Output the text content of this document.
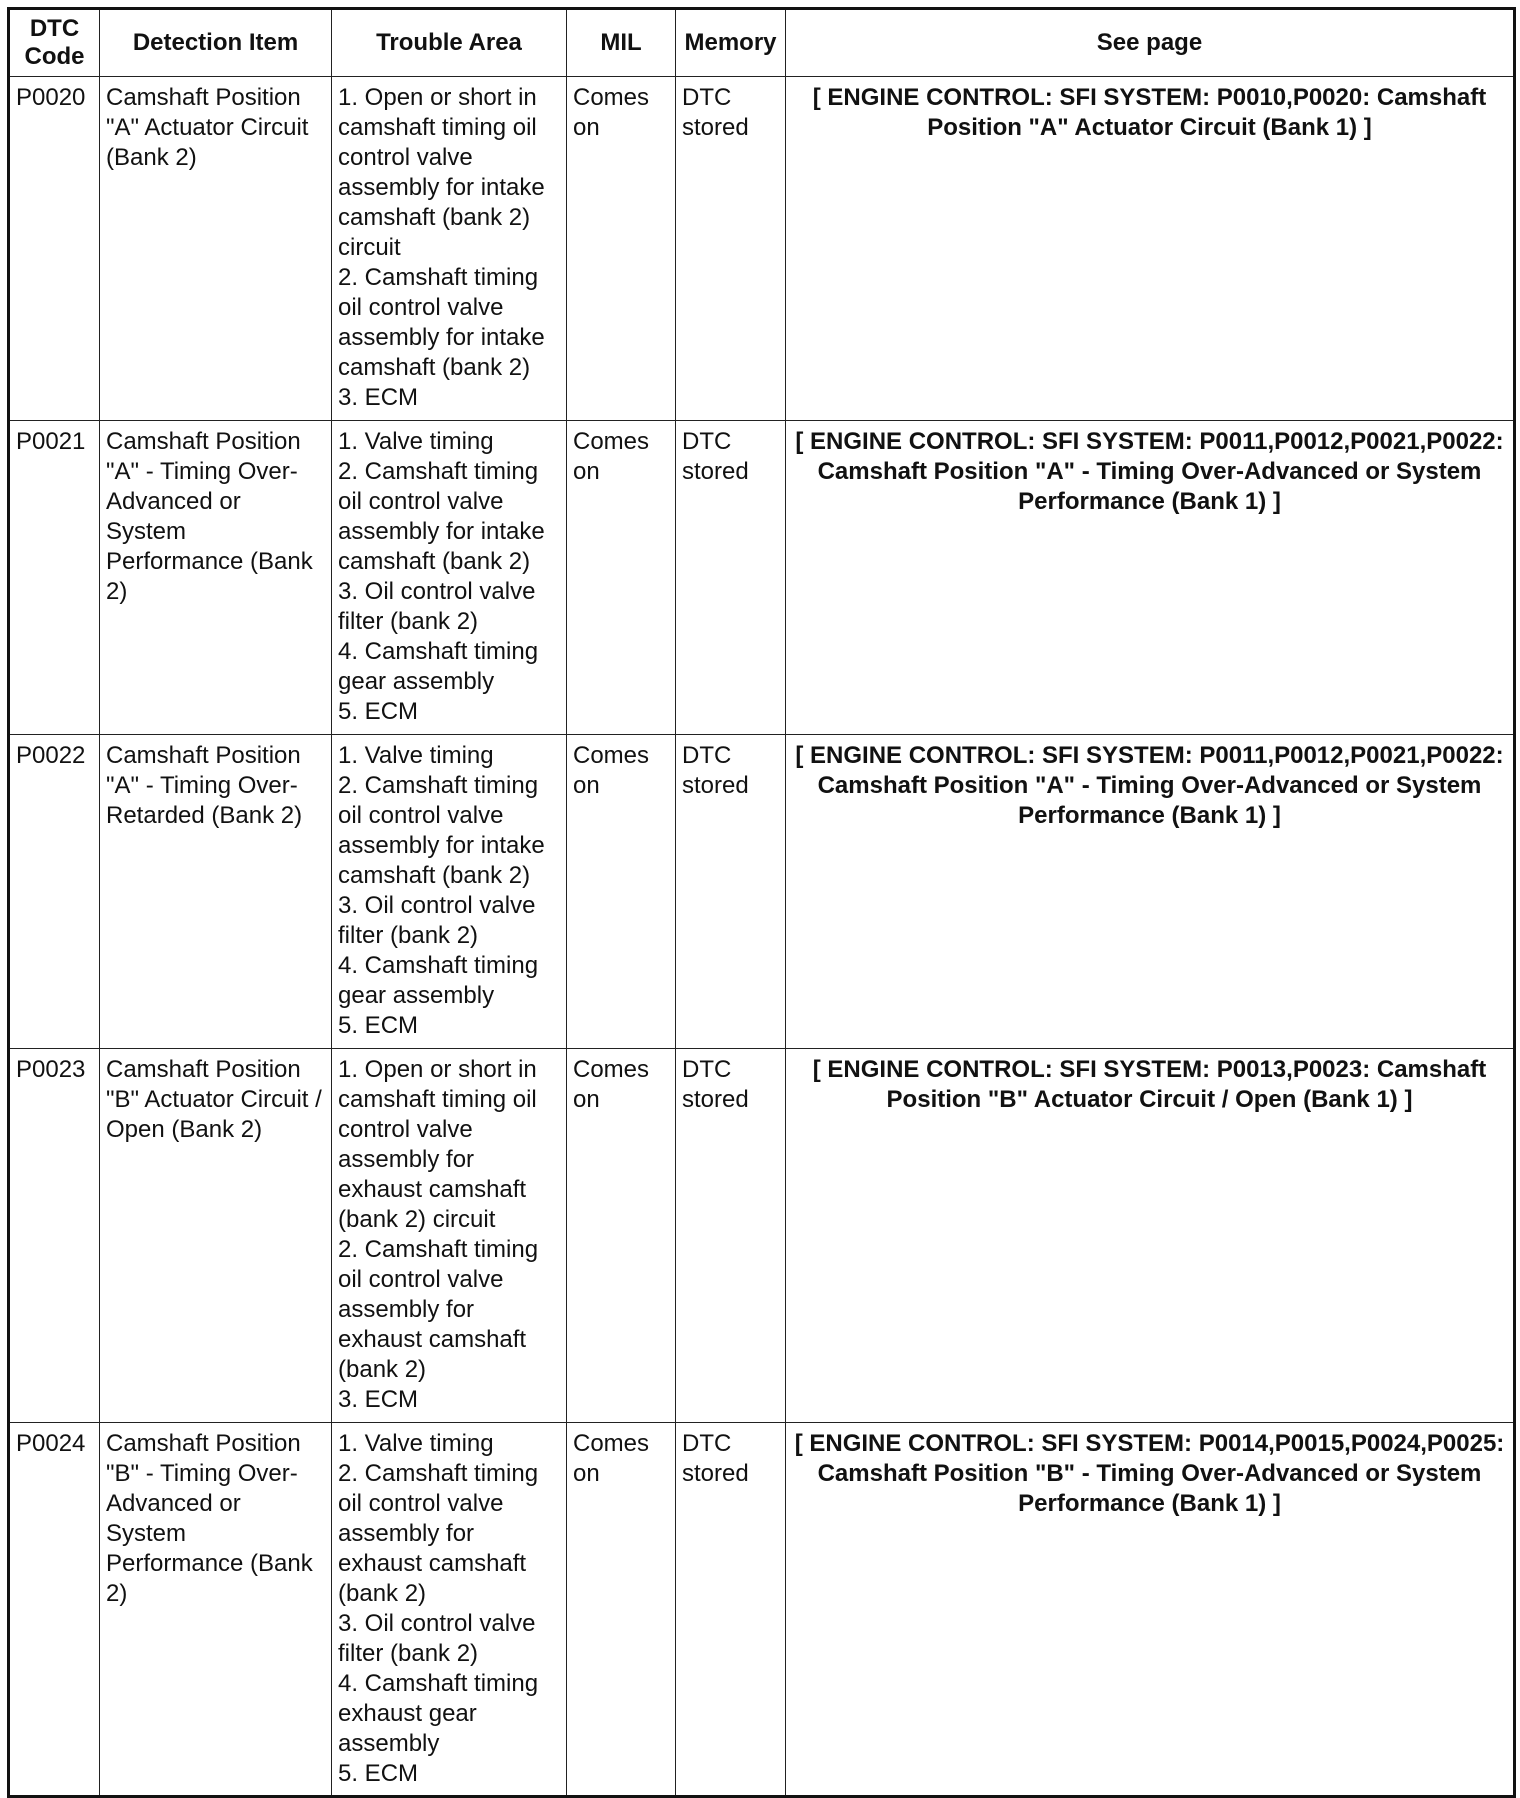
DTC Code	Detection Item	Trouble Area	MIL	Memory	See page
P0020	Camshaft Position "A" Actuator Circuit (Bank 2)	1. Open or short in camshaft timing oil control valve assembly for intake camshaft (bank 2) circuit
2. Camshaft timing oil control valve assembly for intake camshaft (bank 2)
3. ECM	Comes on	DTC stored	[ ENGINE CONTROL: SFI SYSTEM: P0010,P0020: Camshaft Position "A" Actuator Circuit (Bank 1) ]
P0021	Camshaft Position "A" - Timing Over-Advanced or System Performance (Bank 2)	1. Valve timing
2. Camshaft timing oil control valve assembly for intake camshaft (bank 2)
3. Oil control valve filter (bank 2)
4. Camshaft timing gear assembly
5. ECM	Comes on	DTC stored	[ ENGINE CONTROL: SFI SYSTEM: P0011,P0012,P0021,P0022: Camshaft Position "A" - Timing Over-Advanced or System Performance (Bank 1) ]
P0022	Camshaft Position "A" - Timing Over-Retarded (Bank 2)	1. Valve timing
2. Camshaft timing oil control valve assembly for intake camshaft (bank 2)
3. Oil control valve filter (bank 2)
4. Camshaft timing gear assembly
5. ECM	Comes on	DTC stored	[ ENGINE CONTROL: SFI SYSTEM: P0011,P0012,P0021,P0022: Camshaft Position "A" - Timing Over-Advanced or System Performance (Bank 1) ]
P0023	Camshaft Position "B" Actuator Circuit / Open (Bank 2)	1. Open or short in camshaft timing oil control valve assembly for exhaust camshaft (bank 2) circuit
2. Camshaft timing oil control valve assembly for exhaust camshaft (bank 2)
3. ECM	Comes on	DTC stored	[ ENGINE CONTROL: SFI SYSTEM: P0013,P0023: Camshaft Position "B" Actuator Circuit / Open (Bank 1) ]
P0024	Camshaft Position "B" - Timing Over-Advanced or System Performance (Bank 2)	1. Valve timing
2. Camshaft timing oil control valve assembly for exhaust camshaft (bank 2)
3. Oil control valve filter (bank 2)
4. Camshaft timing exhaust gear assembly
5. ECM	Comes on	DTC stored	[ ENGINE CONTROL: SFI SYSTEM: P0014,P0015,P0024,P0025: Camshaft Position "B" - Timing Over-Advanced or System Performance (Bank 1) ]
